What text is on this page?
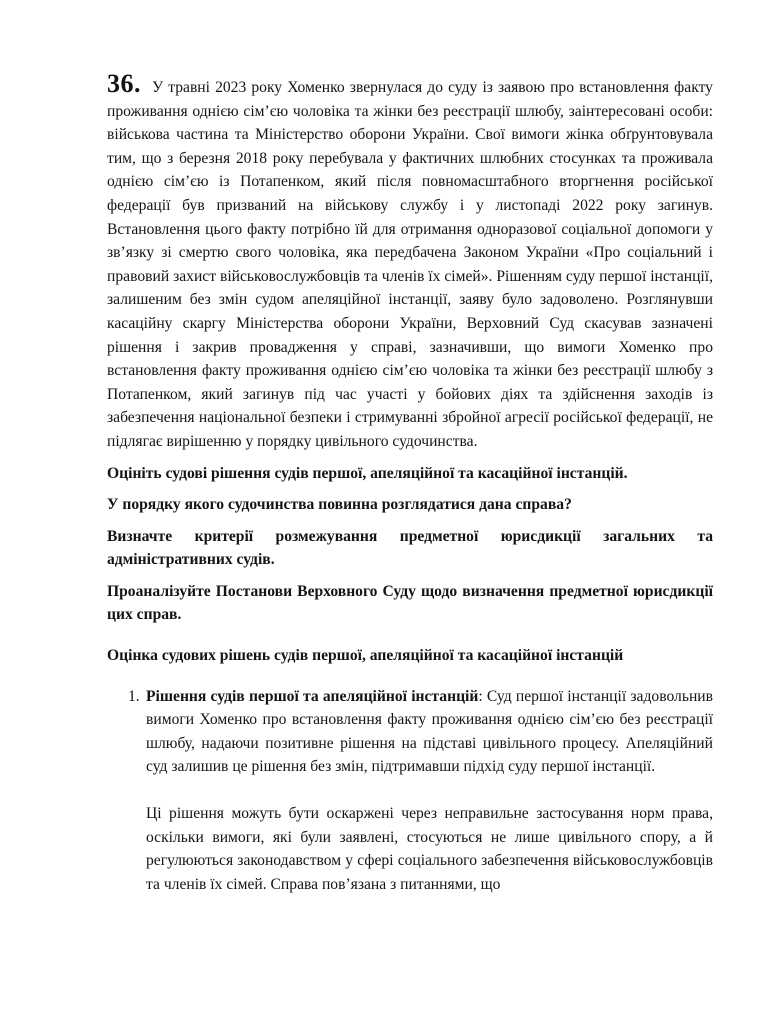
36. У травні 2023 року Хоменко звернулася до суду із заявою про встановлення факту проживання однією сім’єю чоловіка та жінки без реєстрації шлюбу, заінтересовані особи: військова частина та Міністерство оборони України. Свої вимоги жінка обґрунтовувала тим, що з березня 2018 року перебувала у фактичних шлюбних стосунках та проживала однією сім’єю із Потапенком, який після повномасштабного вторгнення російської федерації був призваний на військову службу і у листопаді 2022 року загинув. Встановлення цього факту потрібно їй для отримання одноразової соціальної допомоги у зв’язку зі смертю свого чоловіка, яка передбачена Законом України «Про соціальний і правовий захист військовослужбовців та членів їх сімей». Рішенням суду першої інстанції, залишеним без змін судом апеляційної інстанції, заяву було задоволено. Розглянувши касаційну скаргу Міністерства оборони України, Верховний Суд скасував зазначені рішення і закрив провадження у справі, зазначивши, що вимоги Хоменко про встановлення факту проживання однією сім’єю чоловіка та жінки без реєстрації шлюбу з Потапенком, який загинув під час участі у бойових діях та здійснення заходів із забезпечення національної безпеки і стримуванні збройної агресії російської федерації, не підлягає вирішенню у порядку цивільного судочинства.

Оцініть судові рішення судів першої, апеляційної та касаційної інстанцій.

У порядку якого судочинства повинна розглядатися дана справа?

Визначте критерії розмежування предметної юрисдикції загальних та адміністративних судів.

Проаналізуйте Постанови Верховного Суду щодо визначення предметної юрисдикції цих справ.

Оцінка судових рішень судів першої, апеляційної та касаційної інстанцій

1. Рішення судів першої та апеляційної інстанцій: Суд першої інстанції задовольнив вимоги Хоменко про встановлення факту проживання однією сім’єю без реєстрації шлюбу, надаючи позитивне рішення на підставі цивільного процесу. Апеляційний суд залишив це рішення без змін, підтримавши підхід суду першої інстанції.

Ці рішення можуть бути оскаржені через неправильне застосування норм права, оскільки вимоги, які були заявлені, стосуються не лише цивільного спору, а й регулюються законодавством у сфері соціального забезпечення військовослужбовців та членів їх сімей. Справа пов’язана з питаннями, що
